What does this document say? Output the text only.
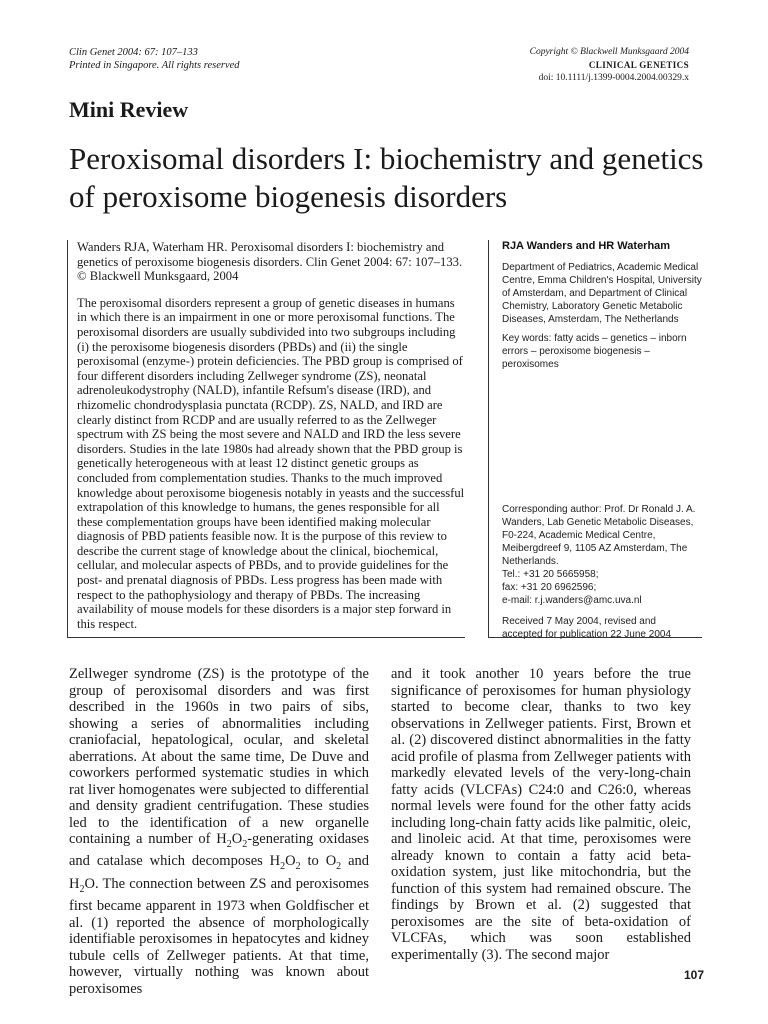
Clin Genet 2004: 67: 107–133
Printed in Singapore. All rights reserved
Copyright © Blackwell Munksgaard 2004
CLINICAL GENETICS
doi: 10.1111/j.1399-0004.2004.00329.x
Mini Review
Peroxisomal disorders I: biochemistry and genetics of peroxisome biogenesis disorders

Wanders RJA, Waterham HR. Peroxisomal disorders I: biochemistry and genetics of peroxisome biogenesis disorders. Clin Genet 2004: 67: 107–133. © Blackwell Munksgaard, 2004

The peroxisomal disorders represent a group of genetic diseases in humans in which there is an impairment in one or more peroxisomal functions. The peroxisomal disorders are usually subdivided into two subgroups including (i) the peroxisome biogenesis disorders (PBDs) and (ii) the single peroxisomal (enzyme-) protein deficiencies. The PBD group is comprised of four different disorders including Zellweger syndrome (ZS), neonatal adrenoleukodystrophy (NALD), infantile Refsum's disease (IRD), and rhizomelic chondrodysplasia punctata (RCDP). ZS, NALD, and IRD are clearly distinct from RCDP and are usually referred to as the Zellweger spectrum with ZS being the most severe and NALD and IRD the less severe disorders. Studies in the late 1980s had already shown that the PBD group is genetically heterogeneous with at least 12 distinct genetic groups as concluded from complementation studies. Thanks to the much improved knowledge about peroxisome biogenesis notably in yeasts and the successful extrapolation of this knowledge to humans, the genes responsible for all these complementation groups have been identified making molecular diagnosis of PBD patients feasible now. It is the purpose of this review to describe the current stage of knowledge about the clinical, biochemical, cellular, and molecular aspects of PBDs, and to provide guidelines for the post- and prenatal diagnosis of PBDs. Less progress has been made with respect to the pathophysiology and therapy of PBDs. The increasing availability of mouse models for these disorders is a major step forward in this respect.

RJA Wanders and HR Waterham

Department of Pediatrics, Academic Medical Centre, Emma Children's Hospital, University of Amsterdam, and Department of Clinical Chemistry, Laboratory Genetic Metabolic Diseases, Amsterdam, The Netherlands

Key words: fatty acids – genetics – inborn errors – peroxisome biogenesis – peroxisomes

Corresponding author: Prof. Dr Ronald J. A. Wanders, Lab Genetic Metabolic Diseases, F0-224, Academic Medical Centre, Meibergdreef 9, 1105 AZ Amsterdam, The Netherlands.

Tel.: +31 20 5665958;

fax: +31 20 6962596;

e-mail: r.j.wanders@amc.uva.nl

Received 7 May 2004, revised and accepted for publication 22 June 2004

Zellweger syndrome (ZS) is the prototype of the group of peroxisomal disorders and was first described in the 1960s in two pairs of sibs, showing a series of abnormalities including craniofacial, hepatological, ocular, and skeletal aberrations. At about the same time, De Duve and coworkers performed systematic studies in which rat liver homogenates were subjected to differential and density gradient centrifugation. These studies led to the identification of a new organelle containing a number of $H_2O_2$-generating oxidases and catalase which decomposes $H_2O_2$ to $O_2$ and $H_2O$. The connection between ZS and peroxisomes first became apparent in 1973 when Goldfischer et al. (1) reported the absence of morphologically identifiable peroxisomes in hepatocytes and kidney tubule cells of Zellweger patients. At that time, however, virtually nothing was known about peroxisomes
and it took another 10 years before the true significance of peroxisomes for human physiology started to become clear, thanks to two key observations in Zellweger patients. First, Brown et al. (2) discovered distinct abnormalities in the fatty acid profile of plasma from Zellweger patients with markedly elevated levels of the very-long-chain fatty acids (VLCFAs) C24:0 and C26:0, whereas normal levels were found for the other fatty acids including long-chain fatty acids like palmitic, oleic, and linoleic acid. At that time, peroxisomes were already known to contain a fatty acid beta-oxidation system, just like mitochondria, but the function of this system had remained obscure. The findings by Brown et al. (2) suggested that peroxisomes are the site of beta-oxidation of VLCFAs, which was soon established experimentally (3). The second major
107
